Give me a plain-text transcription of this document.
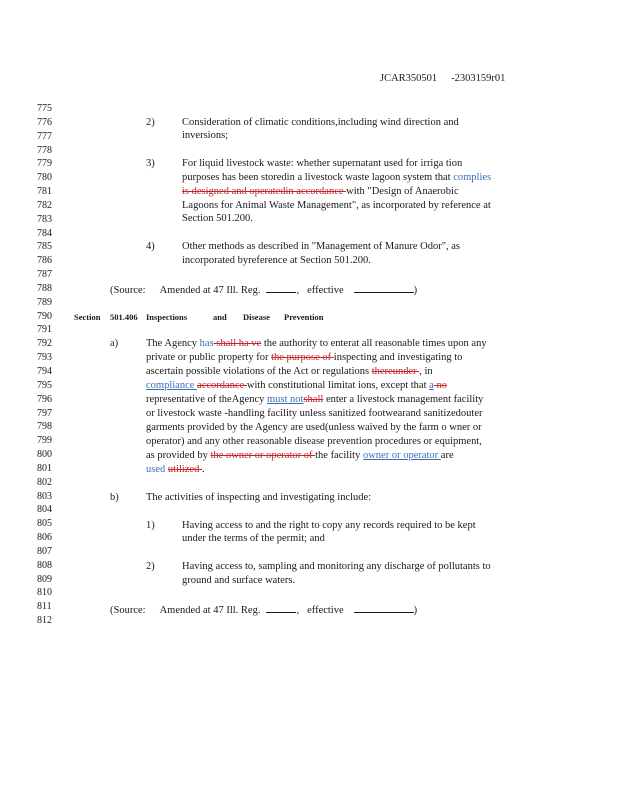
JCAR350501 -2303159r01
775
776
777
778
779
780
781
782
783
784
785
786
787
788
789
790
791
792
793
794
795
796
797
798
799
800
801
802
803
804
805
806
807
808
809
810
811
812
2)	Consideration of climatic conditions,including wind direction and
inversions;
3)	For liquid livestock waste: whether supernatant used for irriga tion
purposes has been storedin a livestock waste lagoon system that complies
is designed and operatedin accordance with "Design of Anaerobic
Lagoons for Animal Waste Management", as incorporated by reference at
Section 501.200.
4)	Other methods as described in "Management of Manure Odor", as
incorporated byreference at Section 501.200.
(Source: Amended at 47 Ill. Reg.	, effective	)
Section 501.406 Inspections	and Disease Prevention
a)	The Agency has shall ha ve the authority to enterat all reasonable times upon any
private or public property for the purpose of inspecting and investigating to
ascertain possible violations of the Act or regulations thereunder , in
compliance accordance with constitutional limitat ions, except that a no
representative of theAgency must notshall enter a livestock management facility
or livestock waste -handling facility unless sanitized footwearand sanitizedouter
garments provided by the Agency are used(unless waived by the farm o wner or
operator) and any other reasonable disease prevention procedures or equipment,
as provided by the owner or operator of the facility owner or operator are
used utilized .
b)	The activities of inspecting and investigating include:
1)	Having access to and the right to copy any records required to be kept
under the terms of the permit; and
2)	Having access to, sampling and monitoring any discharge of pollutants to
ground and surface waters.
(Source: Amended at 47 Ill. Reg.	, effective	)
